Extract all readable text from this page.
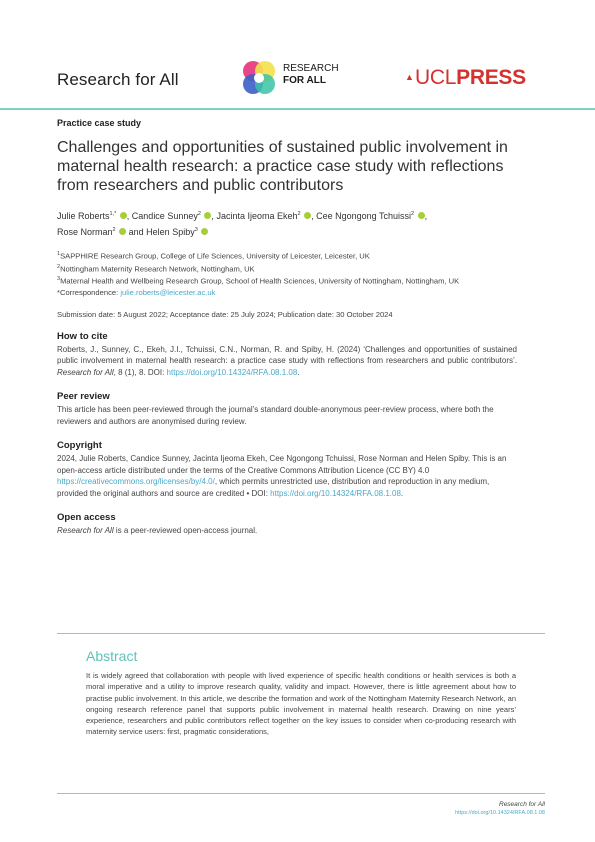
Research for All
RESEARCH
FOR ALL	▲ UCLPRESS
Practice case study
Challenges and opportunities of sustained public involvement in maternal health research: a practice case study with reflections from researchers and public contributors
Julie Roberts$^{1,*}$ , Candice Sunney$^2$ , Jacinta Ijeoma Ekeh$^2$ , Cee Ngongong Tchuissi$^2$ ,
Rose Norman$^2$ and Helen Spiby$^3$
$^1$SAPPHIRE Research Group, College of Life Sciences, University of Leicester, Leicester, UK
$^2$Nottingham Maternity Research Network, Nottingham, UK
$^3$Maternal Health and Wellbeing Research Group, School of Health Sciences, University of Nottingham, Nottingham, UK
*Correspondence: julie.roberts@leicester.ac.uk
Submission date: 5 August 2022; Acceptance date: 25 July 2024; Publication date: 30 October 2024
How to cite
Roberts, J., Sunney, C., Ekeh, J.I., Tchuissi, C.N., Norman, R. and Spiby, H. (2024) ‘Challenges and opportunities of sustained public involvement in maternal health research: a practice case study with reflections from researchers and public contributors’. Research for All, 8 (1), 8. DOI: https://doi.org/10.14324/RFA.08.1.08.
Peer review
This article has been peer-reviewed through the journal’s standard double-anonymous peer-review process, where both the reviewers and authors are anonymised during review.
Copyright
2024, Julie Roberts, Candice Sunney, Jacinta Ijeoma Ekeh, Cee Ngongong Tchuissi, Rose Norman and Helen Spiby. This is an open-access article distributed under the terms of the Creative Commons Attribution Licence (CC BY) 4.0 https://creativecommons.org/licenses/by/4.0/, which permits unrestricted use, distribution and reproduction in any medium, provided the original authors and source are credited • DOI: https://doi.org/10.14324/RFA.08.1.08.
Open access
Research for All is a peer-reviewed open-access journal.
Abstract
It is widely agreed that collaboration with people with lived experience of specific health conditions or health services is both a moral imperative and a utility to improve research quality, validity and impact. However, there is little agreement about how to practise public involvement. In this article, we describe the formation and work of the Nottingham Maternity Research Network, an ongoing research reference panel that supports public involvement in maternal health research. Drawing on nine years’ experience, researchers and public contributors reflect together on the key issues to consider when co-producing research with maternity service users: first, pragmatic considerations,
Research for All
https://doi.org/10.14324/RFA.08.1.08
